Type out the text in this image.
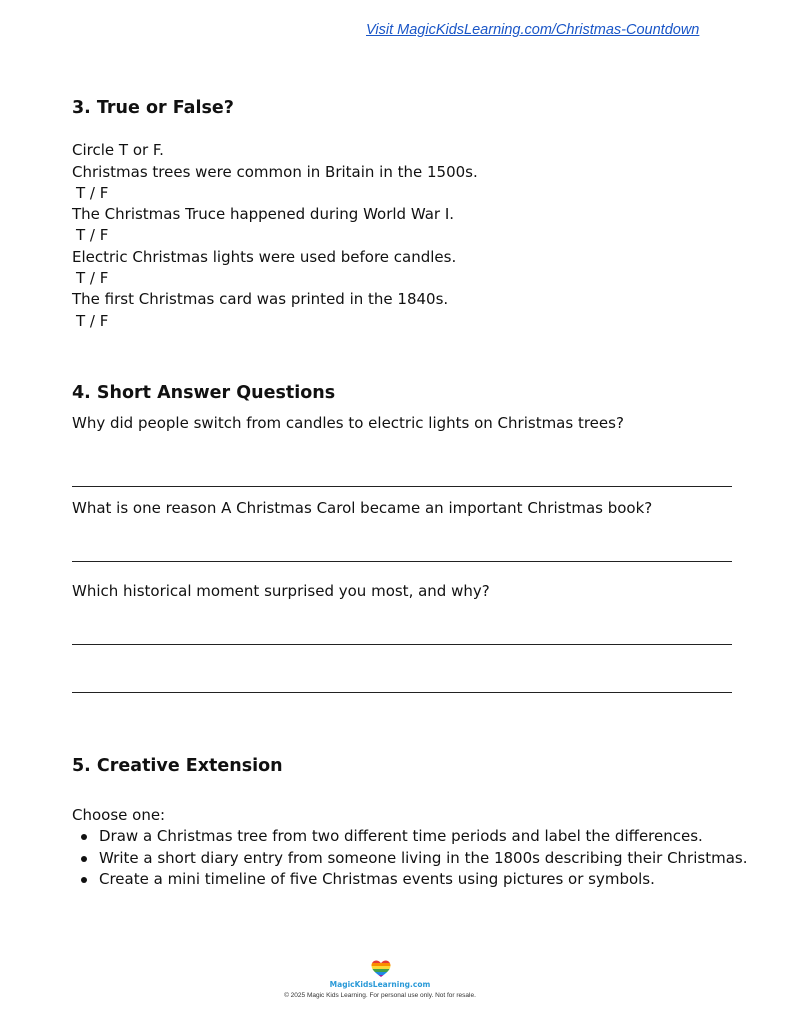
Visit MagicKidsLearning.com/Christmas-Countdown
3. True or False?
Circle T or F.
Christmas trees were common in Britain in the 1500s.
T / F
The Christmas Truce happened during World War I.
T / F
Electric Christmas lights were used before candles.
T / F
The first Christmas card was printed in the 1840s.
T / F
4. Short Answer Questions
Why did people switch from candles to electric lights on Christmas trees?
What is one reason A Christmas Carol became an important Christmas book?
Which historical moment surprised you most, and why?
5. Creative Extension
Choose one:
Draw a Christmas tree from two different time periods and label the differences.
Write a short diary entry from someone living in the 1800s describing their Christmas.
Create a mini timeline of five Christmas events using pictures or symbols.
MagicKidsLearning.com
© 2025 Magic Kids Learning. For personal use only. Not for resale.
